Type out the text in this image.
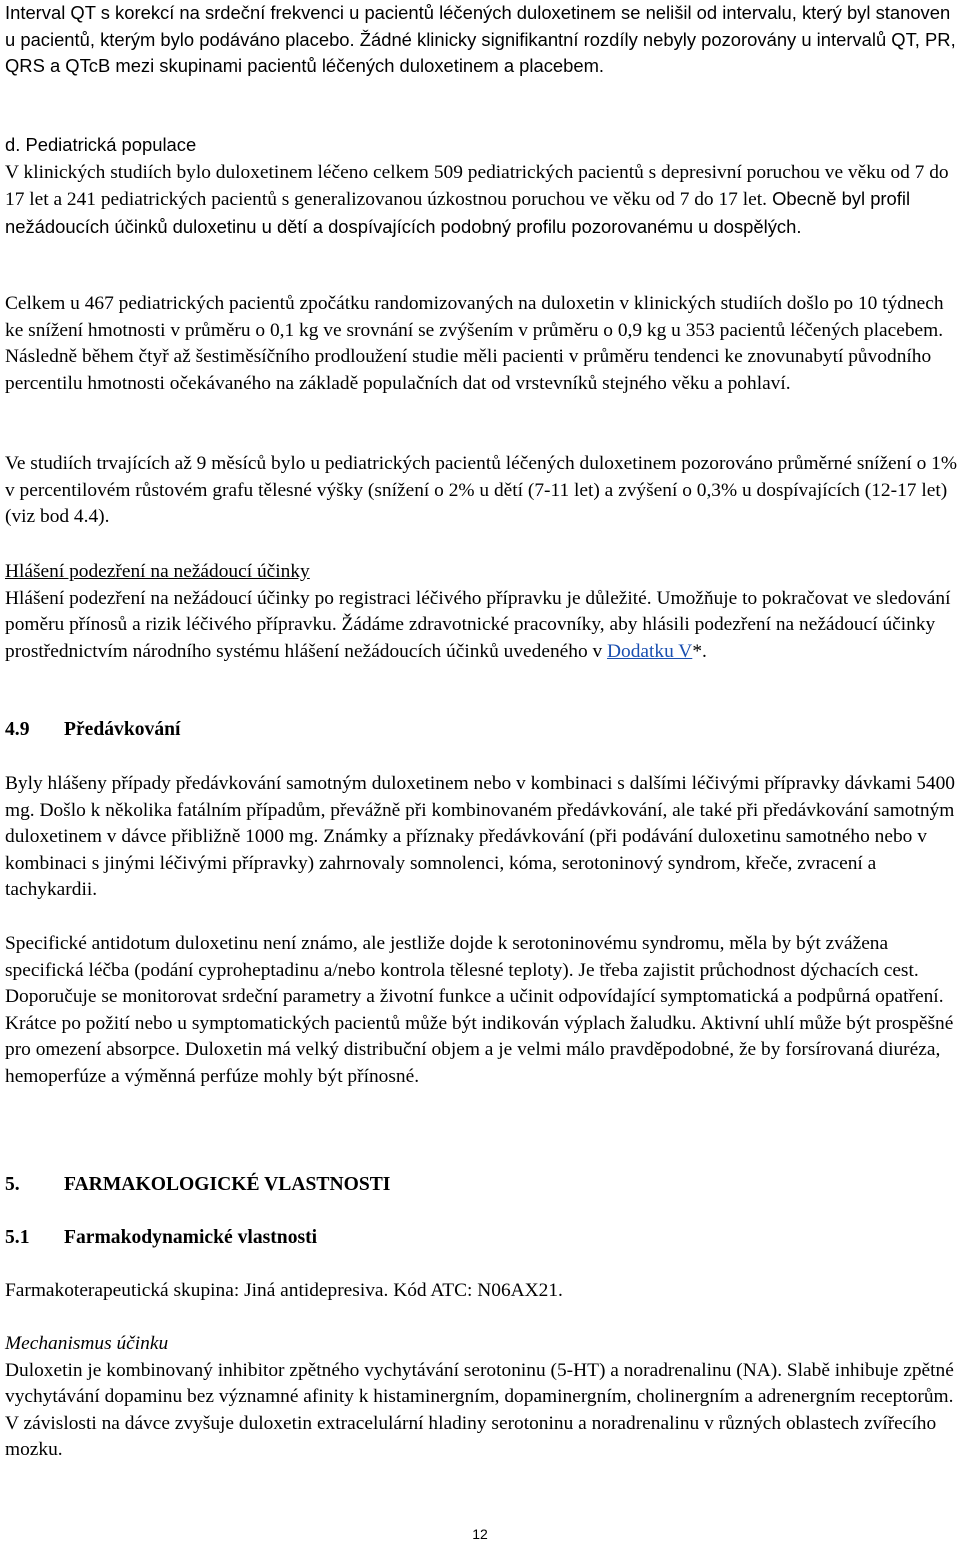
Interval QT s korekcí na srdeční frekvenci u pacientů léčených duloxetinem se nelišil od intervalu, který byl stanoven u pacientů, kterým bylo podáváno placebo. Žádné klinicky signifikantní rozdíly nebyly pozorovány u intervalů QT, PR, QRS a QTcB mezi skupinami pacientů léčených duloxetinem a placebem.

d. Pediatrická populace
V klinických studiích bylo duloxetinem léčeno celkem 509 pediatrických pacientů s depresivní poruchou ve věku od 7 do 17 let a 241 pediatrických pacientů s generalizovanou úzkostnou poruchou ve věku od 7 do 17 let. Obecně byl profil nežádoucích účinků duloxetinu u dětí a dospívajících podobný profilu pozorovanému u dospělých.

Celkem u 467 pediatrických pacientů zpočátku randomizovaných na duloxetin v klinických studiích došlo po 10 týdnech ke snížení hmotnosti v průměru o 0,1 kg ve srovnání se zvýšením v průměru o 0,9 kg u 353 pacientů léčených placebem. Následně během čtyř až šestiměsíčního prodloužení studie měli pacienti v průměru tendenci ke znovunabytí původního percentilu hmotnosti očekávaného na základě populačních dat od vrstevníků stejného věku a pohlaví.

Ve studiích trvajících až 9 měsíců bylo u pediatrických pacientů léčených duloxetinem pozorováno průměrné snížení o 1% v percentilovém růstovém grafu tělesné výšky (snížení o 2% u dětí (7-11 let) a zvýšení o 0,3% u dospívajících (12-17 let) (viz bod 4.4).

Hlášení podezření na nežádoucí účinky
Hlášení podezření na nežádoucí účinky po registraci léčivého přípravku je důležité. Umožňuje to pokračovat ve sledování poměru přínosů a rizik léčivého přípravku. Žádáme zdravotnické pracovníky, aby hlásili podezření na nežádoucí účinky prostřednictvím národního systému hlášení nežádoucích účinků uvedeného v Dodatku V*.
4.9 Předávkování

Byly hlášeny případy předávkování samotným duloxetinem nebo v kombinaci s dalšími léčivými přípravky dávkami 5400 mg. Došlo k několika fatálním případům, převážně při kombinovaném předávkování, ale také při předávkování samotným duloxetinem v dávce přibližně 1000 mg. Známky a příznaky předávkování (při podávání duloxetinu samotného nebo v kombinaci s jinými léčivými přípravky) zahrnovaly somnolenci, kóma, serotoninový syndrom, křeče, zvracení a tachykardii.

Specifické antidotum duloxetinu není známo, ale jestliže dojde k serotoninovému syndromu, měla by být zvážena specifická léčba (podání cyproheptadinu a/nebo kontrola tělesné teploty). Je třeba zajistit průchodnost dýchacích cest. Doporučuje se monitorovat srdeční parametry a životní funkce a učinit odpovídající symptomatická a podpůrná opatření. Krátce po požití nebo u symptomatických pacientů může být indikován výplach žaludku. Aktivní uhlí může být prospěšné pro omezení absorpce. Duloxetin má velký distribuční objem a je velmi málo pravděpodobné, že by forsírovaná diuréza, hemoperfúze a výměnná perfúze mohly být přínosné.

5. FARMAKOLOGICKÉ VLASTNOSTI
5.1 Farmakodynamické vlastnosti

Farmakoterapeutická skupina: Jiná antidepresiva. Kód ATC: N06AX21.

Mechanismus účinku
Duloxetin je kombinovaný inhibitor zpětného vychytávání serotoninu (5-HT) a noradrenalinu (NA). Slabě inhibuje zpětné vychytávání dopaminu bez významné afinity k histaminergním, dopaminergním, cholinergním a adrenergním receptorům. V závislosti na dávce zvyšuje duloxetin extracelulární hladiny serotoninu a noradrenalinu v různých oblastech zvířecího mozku.
12
